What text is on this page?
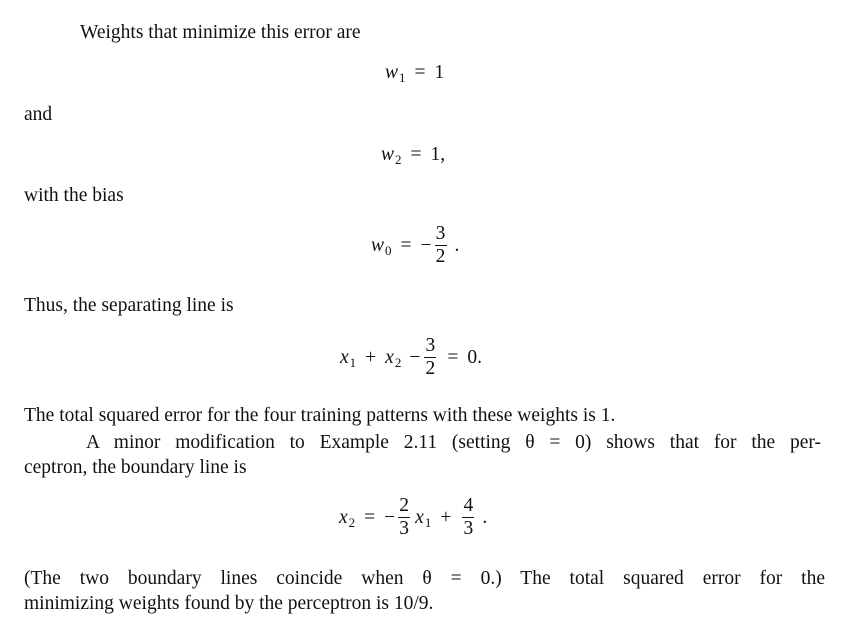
Weights that minimize this error are
w 1 = 1
and
w 2 = 1,
with the bias
w 0 = − $\frac{3}{2}$ .
Thus, the separating line is
x 1 + x $2 - \frac{3}{2} = 0$.
The total squared error for the four training patterns with these weights is 1.
A minor modification to Example 2.11 (setting θ = 0) shows that for the per-
ceptron, the boundary line is
x 2 = − $\frac{2}{3}$ x $1 + \frac{4}{3}$ .
(The two boundary lines coincide when θ = 0.) The total squared error for the
minimizing weights found by the perceptron is 10/9.
